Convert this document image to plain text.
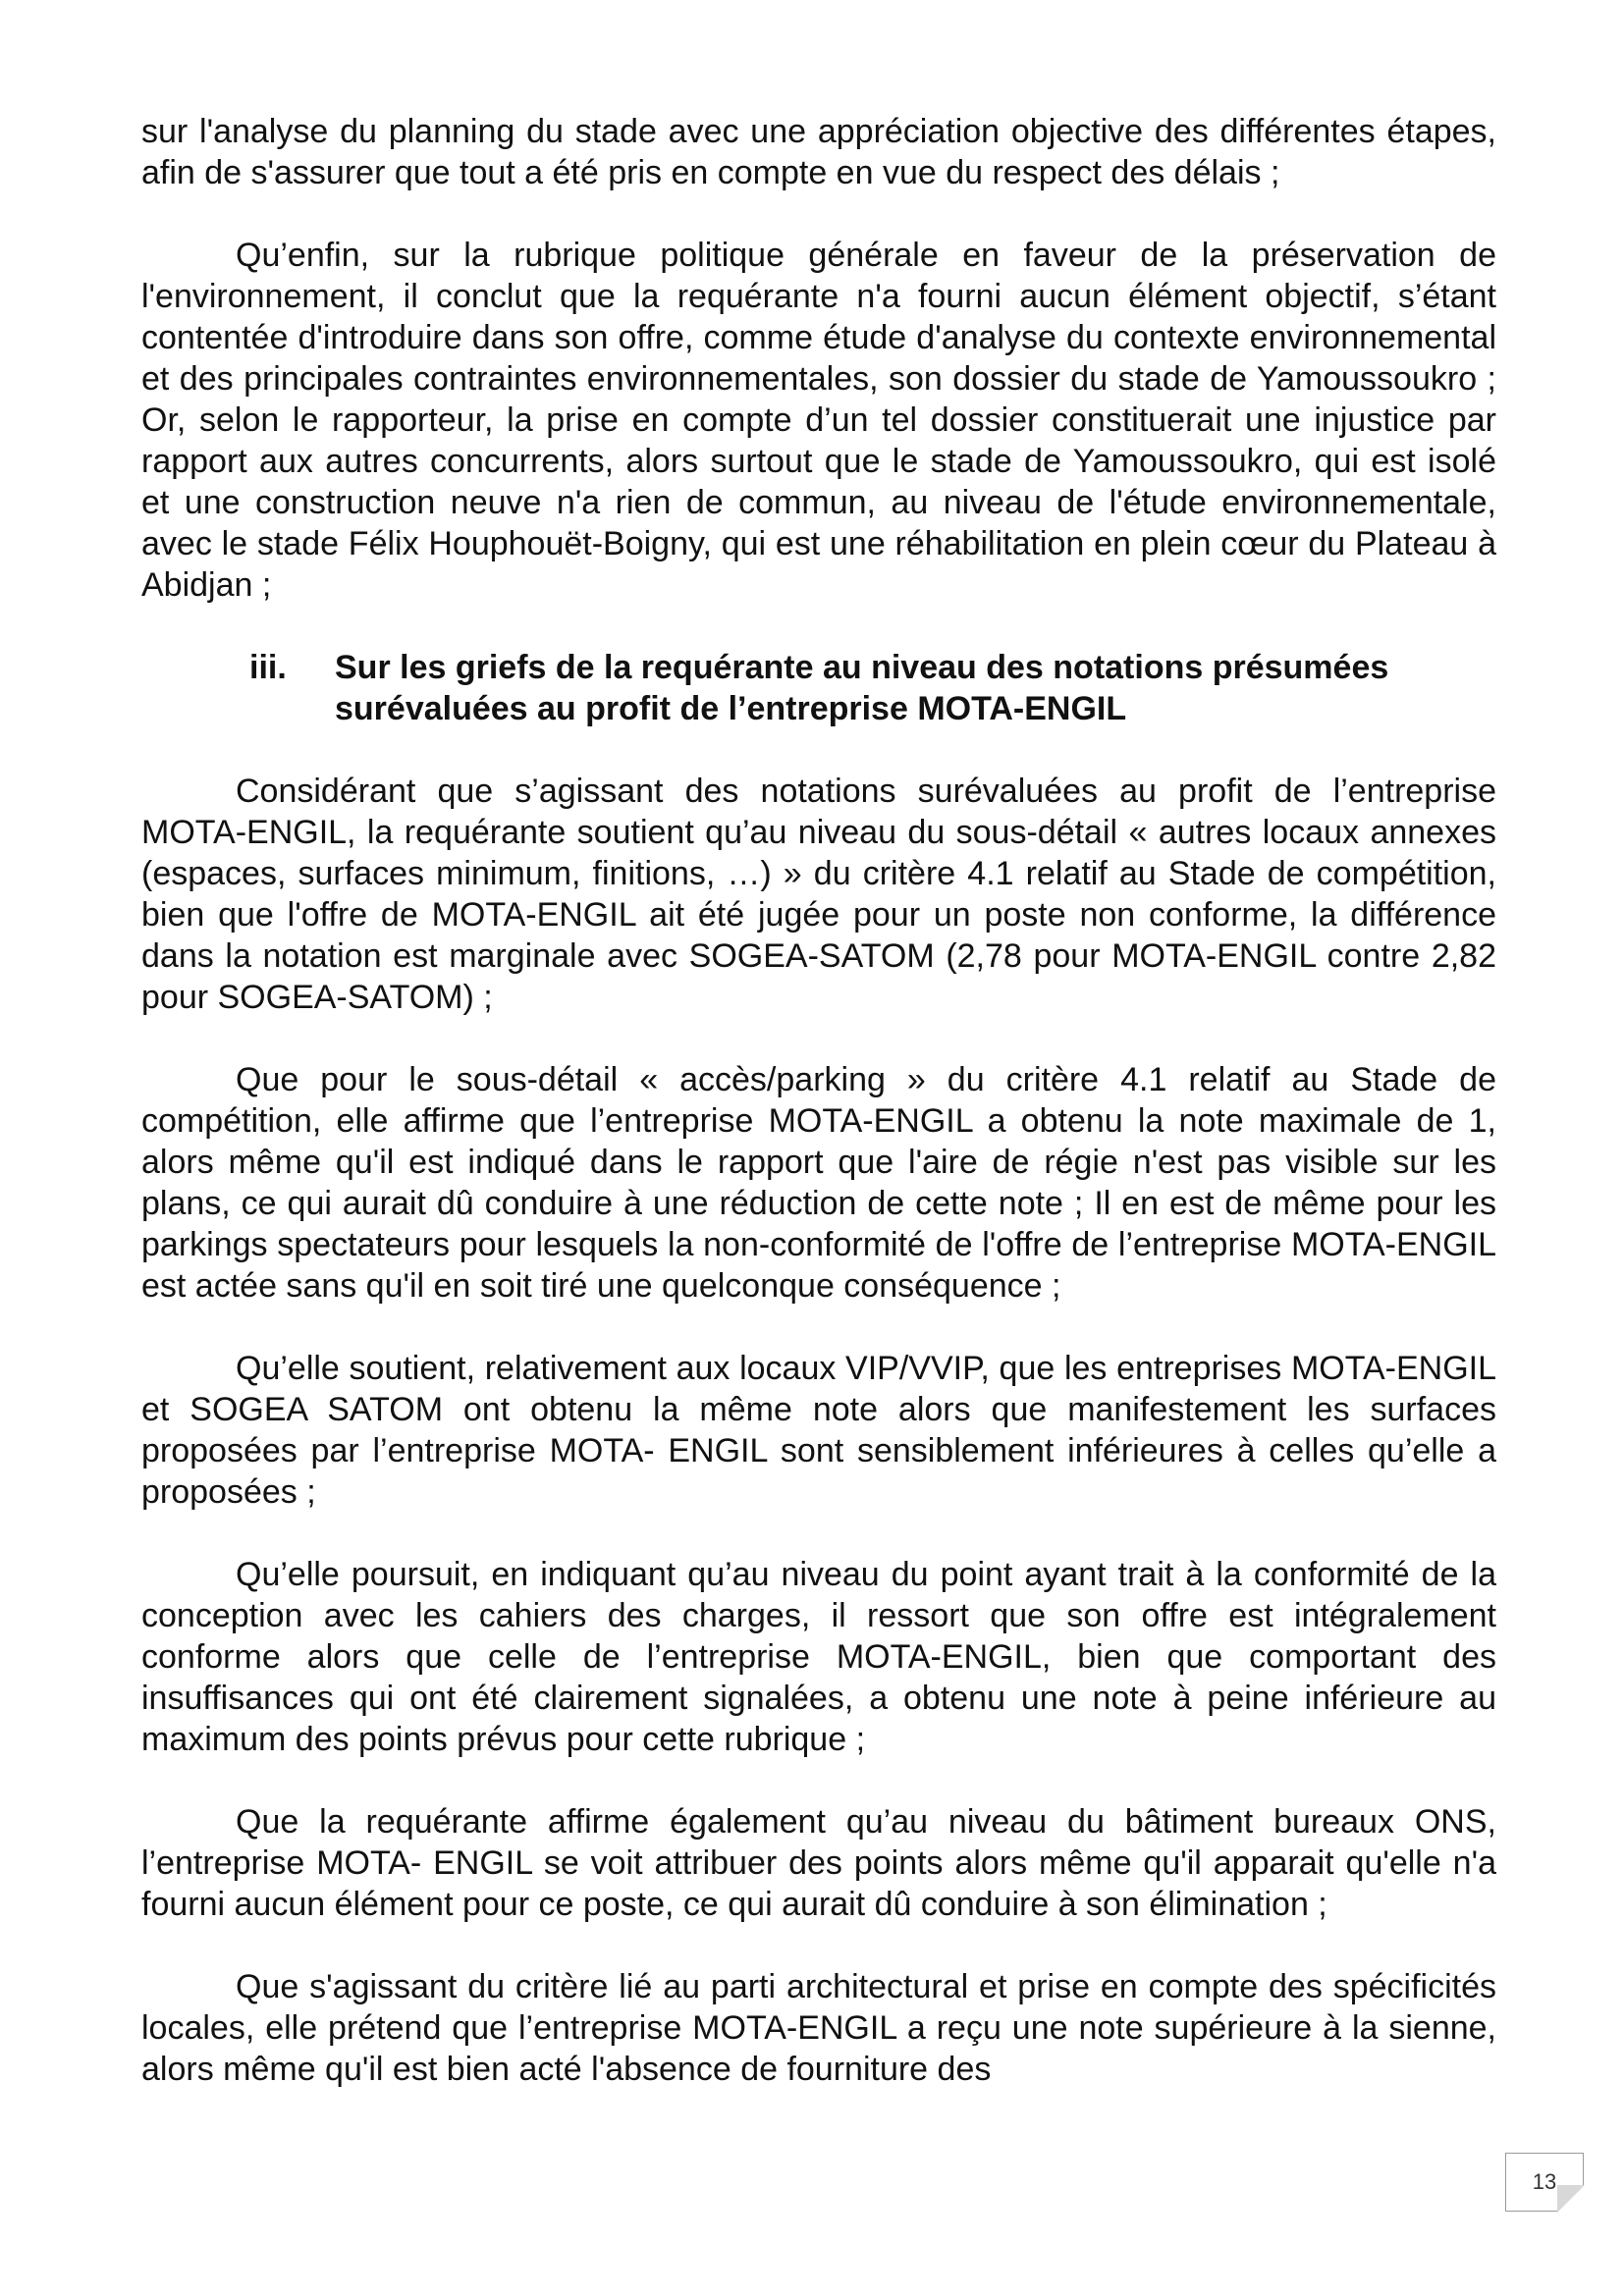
sur l'analyse du planning du stade avec une appréciation objective des différentes étapes, afin de s'assurer que tout a été pris en compte en vue du respect des délais ;

Qu’enfin, sur la rubrique politique générale en faveur de la préservation de l'environnement, il conclut que la requérante n'a fourni aucun élément objectif, s’étant contentée d'introduire dans son offre, comme étude d'analyse du contexte environnemental et des principales contraintes environnementales, son dossier du stade de Yamoussoukro ; Or, selon le rapporteur, la prise en compte d’un tel dossier constituerait une injustice par rapport aux autres concurrents, alors surtout que le stade de Yamoussoukro, qui est isolé et une construction neuve n'a rien de commun, au niveau de l'étude environnementale, avec le stade Félix Houphouët-Boigny, qui est une réhabilitation en plein cœur du Plateau à Abidjan ;

iii.	Sur les griefs de la requérante au niveau des notations présumées surévaluées au profit de l’entreprise MOTA-ENGIL

Considérant que s’agissant des notations surévaluées au profit de l’entreprise MOTA-ENGIL, la requérante soutient qu’au niveau du sous-détail « autres locaux annexes (espaces, surfaces minimum, finitions, …) » du critère 4.1 relatif au Stade de compétition, bien que l'offre de MOTA-ENGIL ait été jugée pour un poste non conforme, la différence dans la notation est marginale avec SOGEA-SATOM (2,78 pour MOTA-ENGIL contre 2,82 pour SOGEA-SATOM) ;

Que pour le sous-détail « accès/parking » du critère 4.1 relatif au Stade de compétition, elle affirme que l’entreprise MOTA-ENGIL a obtenu la note maximale de 1, alors même qu'il est indiqué dans le rapport que l'aire de régie n'est pas visible sur les plans, ce qui aurait dû conduire à une réduction de cette note ; Il en est de même pour les parkings spectateurs pour lesquels la non-conformité de l'offre de l’entreprise MOTA-ENGIL est actée sans qu'il en soit tiré une quelconque conséquence ;

Qu’elle soutient, relativement aux locaux VIP/VVIP, que les entreprises MOTA-ENGIL et SOGEA SATOM ont obtenu la même note alors que manifestement les surfaces proposées par l’entreprise MOTA- ENGIL sont sensiblement inférieures à celles qu’elle a proposées ;

Qu’elle poursuit, en indiquant qu’au niveau du point ayant trait à la conformité de la conception avec les cahiers des charges, il ressort que son offre est intégralement conforme alors que celle de l’entreprise MOTA-ENGIL, bien que comportant des insuffisances qui ont été clairement signalées, a obtenu une note à peine inférieure au maximum des points prévus pour cette rubrique ;

Que la requérante affirme également qu’au niveau du bâtiment bureaux ONS, l’entreprise MOTA- ENGIL se voit attribuer des points alors même qu'il apparait qu'elle n'a fourni aucun élément pour ce poste, ce qui aurait dû conduire à son élimination ;

Que s'agissant du critère lié au parti architectural et prise en compte des spécificités locales, elle prétend que l’entreprise MOTA-ENGIL a reçu une note supérieure à la sienne, alors même qu'il est bien acté l'absence de fourniture des

13
